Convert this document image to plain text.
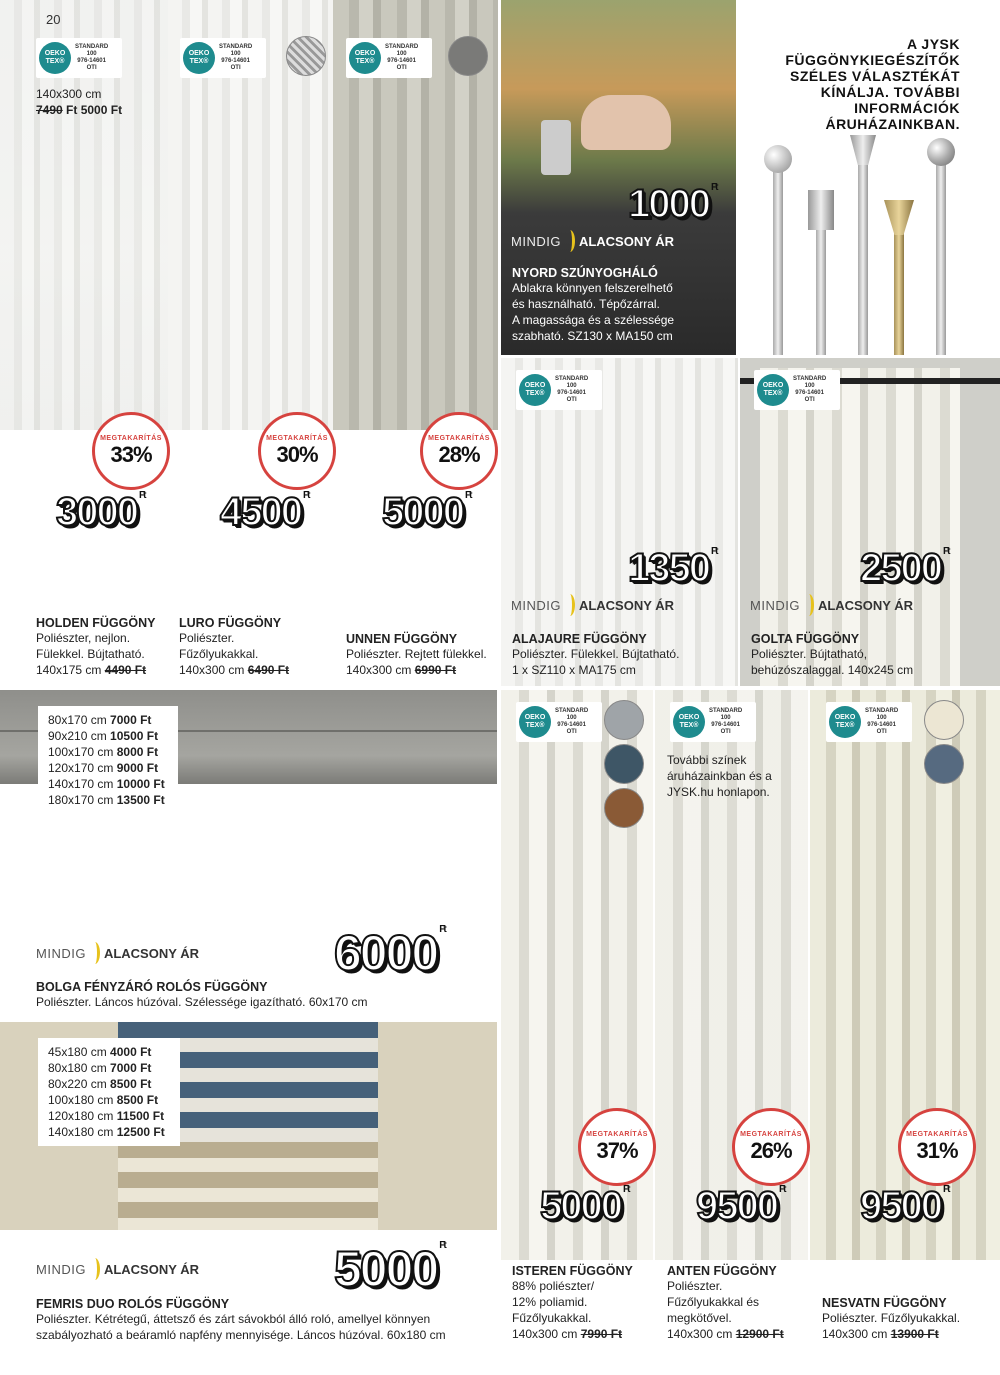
OEKO TEX®
STANDARD
100
976-14601
OTI
OEKO TEX®
STANDARD
100
976-14601
OTI
OEKO TEX®
STANDARD
100
976-14601
OTI
20
140x300 cm
7490 Ft 5000 Ft
1000 $^{Ft}$
MINDIG ALACSONY ÁR
NYORD SZÚNYOGHÁLÓ
Ablakra könnyen felszerelhető
és használható. Tépőzárral.
A magassága és a szélessége
szabható. SZ130 x MA150 cm
A JYSK FÜGGÖNYKIEGÉSZÍTŐK SZÉLES VÁLASZTÉKÁT KÍNÁLJA. TOVÁBBI INFORMÁCIÓK ÁRUHÁZAINKBAN.
MEGTAKARÍTÁS
33%
MEGTAKARÍTÁS
30%
MEGTAKARÍTÁS
28%
3000 $^{Ft}$ 4500 $^{Ft}$ 5000 $^{Ft}$
HOLDEN FÜGGÖNY
Poliészter, nejlon.
Fülekkel. Bújtatható.
140x175 cm 4490 Ft
LURO FÜGGÖNY
Poliészter.
Fűzőlyukakkal.
140x300 cm 6490 Ft
UNNEN FÜGGÖNY
Poliészter. Rejtett fülekkel.
140x300 cm 6990 Ft
OEKO TEX®
STANDARD
100
976-14601
OTI
OEKO TEX®
STANDARD
100
976-14601
OTI
1350 $^{Ft}$	2500 $^{Ft}$
MINDIG ALACSONY ÁR	MINDIG ALACSONY ÁR
ALAJAURE FÜGGÖNY
Poliészter. Fülekkel. Bújtatható.
1 x SZ110 x MA175 cm
GOLTA FÜGGÖNY
Poliészter. Bújtatható,
behúzószalaggal. 140x245 cm
80x170 cm 7000 Ft
90x210 cm 10500 Ft
100x170 cm 8000 Ft
120x170 cm 9000 Ft
140x170 cm 10000 Ft
180x170 cm 13500 Ft
MINDIG ALACSONY ÁR	6000 $^{Ft}$
BOLGA FÉNYZÁRÓ ROLÓS FÜGGÖNY
Poliészter. Láncos húzóval. Szélessége igazítható. 60x170 cm
45x180 cm 4000 Ft
80x180 cm 7000 Ft
80x220 cm 8500 Ft
100x180 cm 8500 Ft
120x180 cm 11500 Ft
140x180 cm 12500 Ft
MINDIG ALACSONY ÁR	5000 $^{Ft}$
FEMRIS DUO ROLÓS FÜGGÖNY
Poliészter. Kétrétegű, áttetsző és zárt sávokból álló roló, amellyel könnyen
szabályozható a beáramló napfény mennyisége. Láncos húzóval. 60x180 cm
OEKO TEX®
STANDARD
100
976-14601
OTI
OEKO TEX®
STANDARD
100
976-14601
OTI
További színek áruházainkban és a JYSK.hu honlapon.
OEKO TEX®
STANDARD
100
976-14601
OTI
MEGTAKARÍTÁS
37%
MEGTAKARÍTÁS
26%
MEGTAKARÍTÁS
31%
5000 $^{Ft}$ 9500 $^{Ft}$ 9500 $^{Ft}$
ISTEREN FÜGGÖNY
88% poliészter/
12% poliamid.
Fűzőlyukakkal.
140x300 cm 7990 Ft
ANTEN FÜGGÖNY
Poliészter.
Fűzőlyukakkal és
megkötővel.
140x300 cm 12900 Ft
NESVATN FÜGGÖNY
Poliészter. Fűzőlyukakkal.
140x300 cm 13900 Ft
